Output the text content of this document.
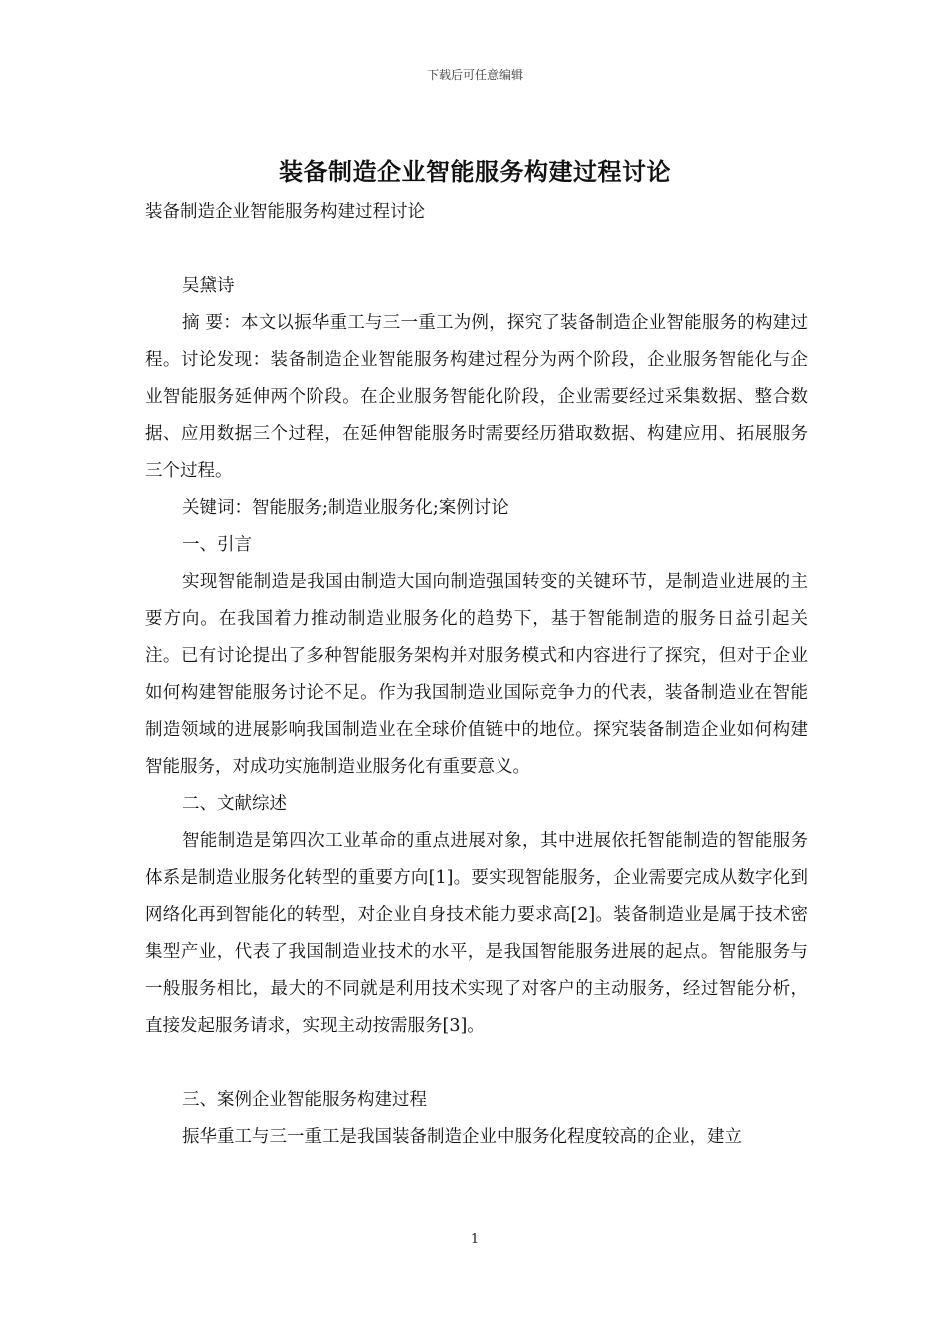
下载后可任意编辑
装备制造企业智能服务构建过程讨论

装备制造企业智能服务构建过程讨论

吴黛诗

摘 要：本文以振华重工与三一重工为例，探究了装备制造企业智能服务的构建过程。讨论发现：装备制造企业智能服务构建过程分为两个阶段，企业服务智能化与企业智能服务延伸两个阶段。在企业服务智能化阶段，企业需要经过采集数据、整合数据、应用数据三个过程，在延伸智能服务时需要经历猎取数据、构建应用、拓展服务三个过程。

关键词：智能服务;制造业服务化;案例讨论

一、引言

实现智能制造是我国由制造大国向制造强国转变的关键环节，是制造业进展的主要方向。在我国着力推动制造业服务化的趋势下，基于智能制造的服务日益引起关注。已有讨论提出了多种智能服务架构并对服务模式和内容进行了探究，但对于企业如何构建智能服务讨论不足。作为我国制造业国际竞争力的代表，装备制造业在智能制造领域的进展影响我国制造业在全球价值链中的地位。探究装备制造企业如何构建智能服务，对成功实施制造业服务化有重要意义。

二、文献综述

智能制造是第四次工业革命的重点进展对象，其中进展依托智能制造的智能服务体系是制造业服务化转型的重要方向[1]。要实现智能服务，企业需要完成从数字化到网络化再到智能化的转型，对企业自身技术能力要求高[2]。装备制造业是属于技术密集型产业，代表了我国制造业技术的水平，是我国智能服务进展的起点。智能服务与一般服务相比，最大的不同就是利用技术实现了对客户的主动服务，经过智能分析，直接发起服务请求，实现主动按需服务[3]。

三、案例企业智能服务构建过程

振华重工与三一重工是我国装备制造企业中服务化程度较高的企业，建立

1
